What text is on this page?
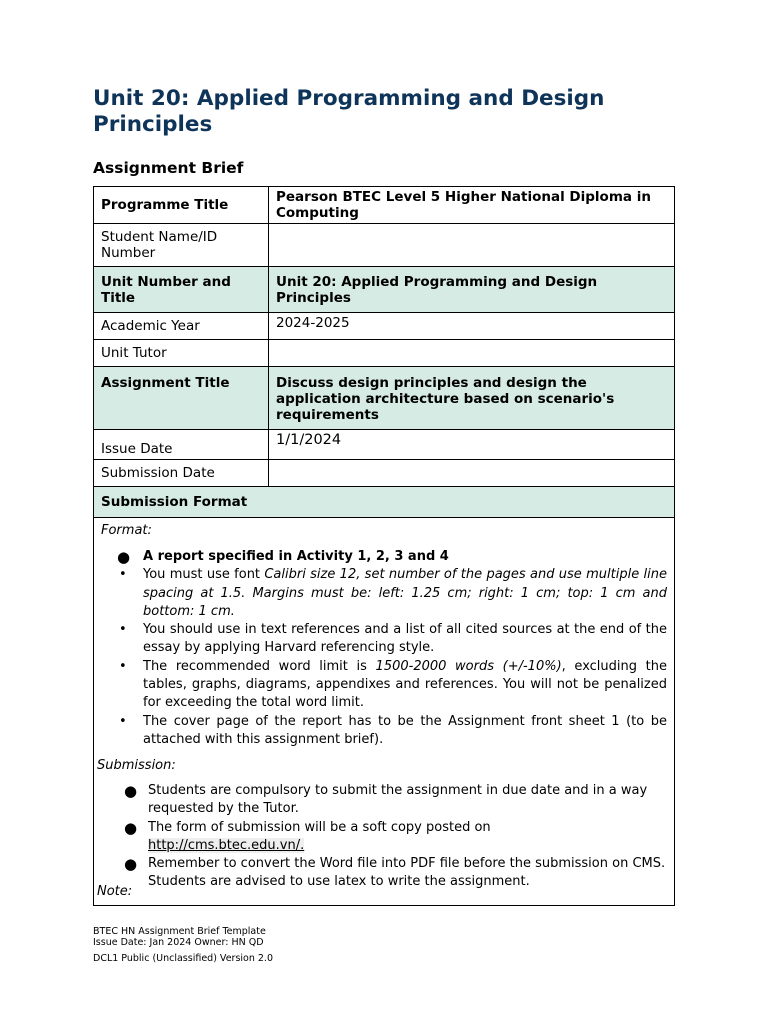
Unit 20: Applied Programming and Design Principles
Assignment Brief
Programme Title	Pearson BTEC Level 5 Higher National Diploma in Computing
Student Name/ID Number	
Unit Number and Title	Unit 20: Applied Programming and Design Principles
Academic Year	2024-2025
Unit Tutor	
Assignment Title	Discuss design principles and design the application architecture based on scenario's requirements
Issue Date	1/1/2024
Submission Date	
Submission Format	
Format:
● A report specified in Activity 1, 2, 3 and 4
• You must use font Calibri size 12, set number of the pages and use multiple line spacing at 1.5. Margins must be: left: 1.25 cm; right: 1 cm; top: 1 cm and bottom: 1 cm.
• You should use in text references and a list of all cited sources at the end of the essay by applying Harvard referencing style.
• The recommended word limit is 1500-2000 words (+/-10%), excluding the tables, graphs, diagrams, appendixes and references. You will not be penalized for exceeding the total word limit.
• The cover page of the report has to be the Assignment front sheet 1 (to be attached with this assignment brief).
Submission:
● Students are compulsory to submit the assignment in due date and in a way requested by the Tutor.
● The form of submission will be a soft copy posted on http://cms.btec.edu.vn/.
● Remember to convert the Word file into PDF file before the submission on CMS. Students are advised to use latex to write the assignment.
Note:
BTEC HN Assignment Brief Template
Issue Date: Jan 2024 Owner: HN QD
DCL1 Public (Unclassified) Version 2.0
